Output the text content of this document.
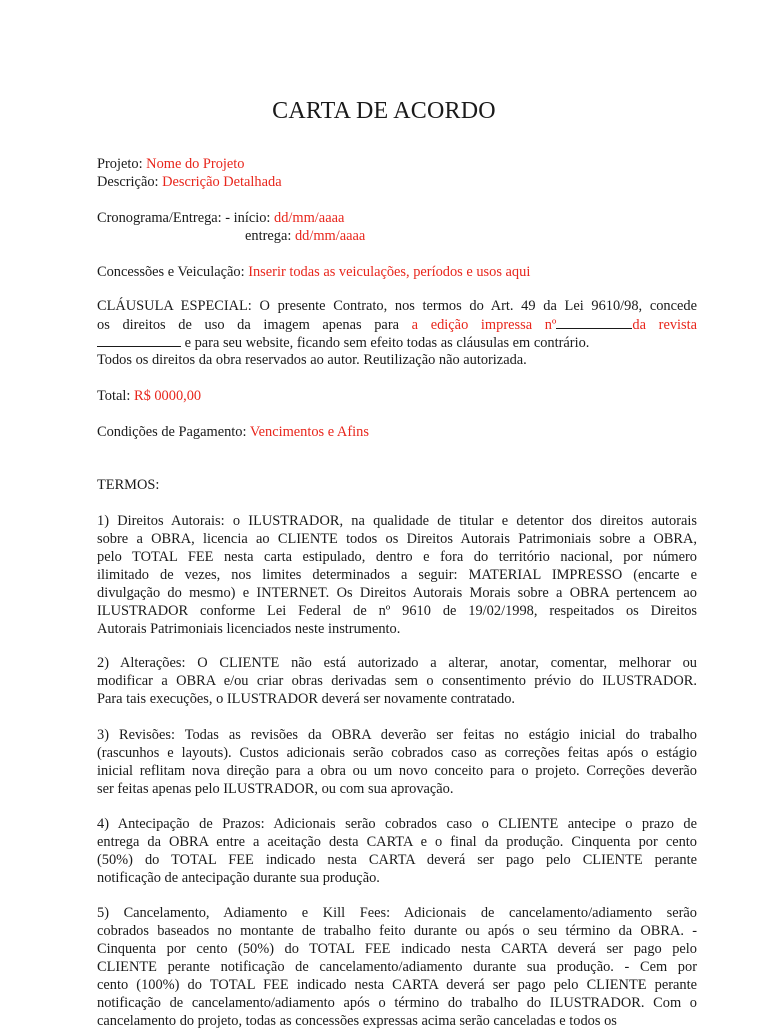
CARTA DE ACORDO
Projeto: Nome do Projeto
Descrição: Descrição Detalhada
Cronograma/Entrega: - início: dd/mm/aaaa
entrega: dd/mm/aaaa
Concessões e Veiculação: Inserir todas as veiculações, períodos e usos aqui
CLÁUSULA ESPECIAL: O presente Contrato, nos termos do Art. 49 da Lei 9610/98, concede
os direitos de uso da imagem apenas para a edição impressa nº	da revista
e para seu website, ficando sem efeito todas as cláusulas em contrário.
Todos os direitos da obra reservados ao autor. Reutilização não autorizada.
Total: R$ 0000,00
Condições de Pagamento: Vencimentos e Afins
TERMOS:
1) Direitos Autorais: o ILUSTRADOR, na qualidade de titular e detentor dos direitos autorais
sobre a OBRA, licencia ao CLIENTE todos os Direitos Autorais Patrimoniais sobre a OBRA,
pelo TOTAL FEE nesta carta estipulado, dentro e fora do território nacional, por número
ilimitado de vezes, nos limites determinados a seguir: MATERIAL IMPRESSO (encarte e
divulgação do mesmo) e INTERNET. Os Direitos Autorais Morais sobre a OBRA pertencem ao
ILUSTRADOR conforme Lei Federal de nº 9610 de 19/02/1998, respeitados os Direitos
Autorais Patrimoniais licenciados neste instrumento.
2) Alterações: O CLIENTE não está autorizado a alterar, anotar, comentar, melhorar ou
modificar a OBRA e/ou criar obras derivadas sem o consentimento prévio do ILUSTRADOR.
Para tais execuções, o ILUSTRADOR deverá ser novamente contratado.
3) Revisões: Todas as revisões da OBRA deverão ser feitas no estágio inicial do trabalho
(rascunhos e layouts). Custos adicionais serão cobrados caso as correções feitas após o estágio
inicial reflitam nova direção para a obra ou um novo conceito para o projeto. Correções deverão
ser feitas apenas pelo ILUSTRADOR, ou com sua aprovação.
4) Antecipação de Prazos: Adicionais serão cobrados caso o CLIENTE antecipe o prazo de
entrega da OBRA entre a aceitação desta CARTA e o final da produção. Cinquenta por cento
(50%) do TOTAL FEE indicado nesta CARTA deverá ser pago pelo CLIENTE perante
notificação de antecipação durante sua produção.
5) Cancelamento, Adiamento e Kill Fees: Adicionais de cancelamento/adiamento serão
cobrados baseados no montante de trabalho feito durante ou após o seu término da OBRA. -
Cinquenta por cento (50%) do TOTAL FEE indicado nesta CARTA deverá ser pago pelo
CLIENTE perante notificação de cancelamento/adiamento durante sua produção. - Cem por
cento (100%) do TOTAL FEE indicado nesta CARTA deverá ser pago pelo CLIENTE perante
notificação de cancelamento/adiamento após o término do trabalho do ILUSTRADOR. Com o
cancelamento do projeto, todas as concessões expressas acima serão canceladas e todos os
